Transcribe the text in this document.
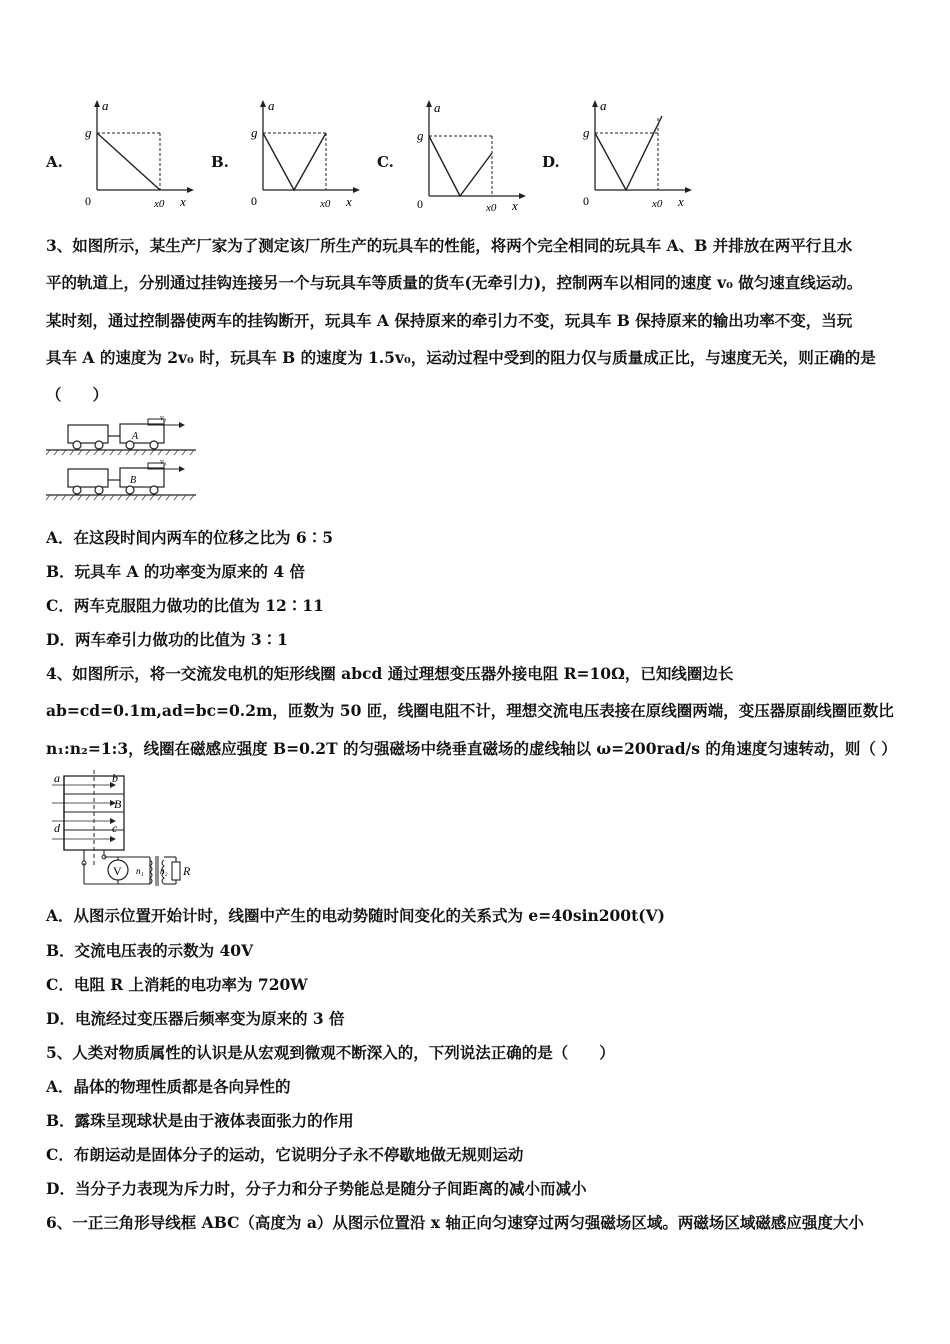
A.	B.	C.	D.
a
g
0	x0 x
a
g
0	x0 x
a
g
0	x0 x
a
g
0	x0 x
3、如图所示，某生产厂家为了测定该厂所生产的玩具车的性能，将两个完全相同的玩具车 A、B 并排放在两平行且水
平的轨道上，分别通过挂钩连接另一个与玩具车等质量的货车(无牵引力)，控制两车以相同的速度 v₀ 做匀速直线运动。
某时刻，通过控制器使两车的挂钩断开，玩具车 A 保持原来的牵引力不变，玩具车 B 保持原来的输出功率不变，当玩
具车 A 的速度为 2v₀ 时，玩具车 B 的速度为 1.5v₀，运动过程中受到的阻力仅与质量成正比，与速度无关，则正确的是
（　　）
A
v₀
B
v₀
A．在这段时间内两车的位移之比为 6∶5
B．玩具车 A 的功率变为原来的 4 倍
C．两车克服阻力做功的比值为 12∶11
D．两车牵引力做功的比值为 3∶1
4、如图所示，将一交流发电机的矩形线圈 abcd 通过理想变压器外接电阻 R=10Ω，已知线圈边长
ab=cd=0.1m,ad=bc=0.2m，匝数为 50 匝，线圈电阻不计，理想交流电压表接在原线圈两端，变压器原副线圈匝数比
n₁:n₂=1:3，线圈在磁感应强度 B=0.2T 的匀强磁场中绕垂直磁场的虚线轴以 ω=200rad/s 的角速度匀速转动，则（ ）
a	b
B
d	c
V n₁ n₂ R
A．从图示位置开始计时，线圈中产生的电动势随时间变化的关系式为 e=40sin200t(V)
B．交流电压表的示数为 40V
C．电阻 R 上消耗的电功率为 720W
D．电流经过变压器后频率变为原来的 3 倍
5、人类对物质属性的认识是从宏观到微观不断深入的，下列说法正确的是（　　）
A．晶体的物理性质都是各向异性的
B．露珠呈现球状是由于液体表面张力的作用
C．布朗运动是固体分子的运动，它说明分子永不停歇地做无规则运动
D．当分子力表现为斥力时，分子力和分子势能总是随分子间距离的减小而减小
6、一正三角形导线框 ABC（高度为 a）从图示位置沿 x 轴正向匀速穿过两匀强磁场区域。两磁场区域磁感应强度大小
